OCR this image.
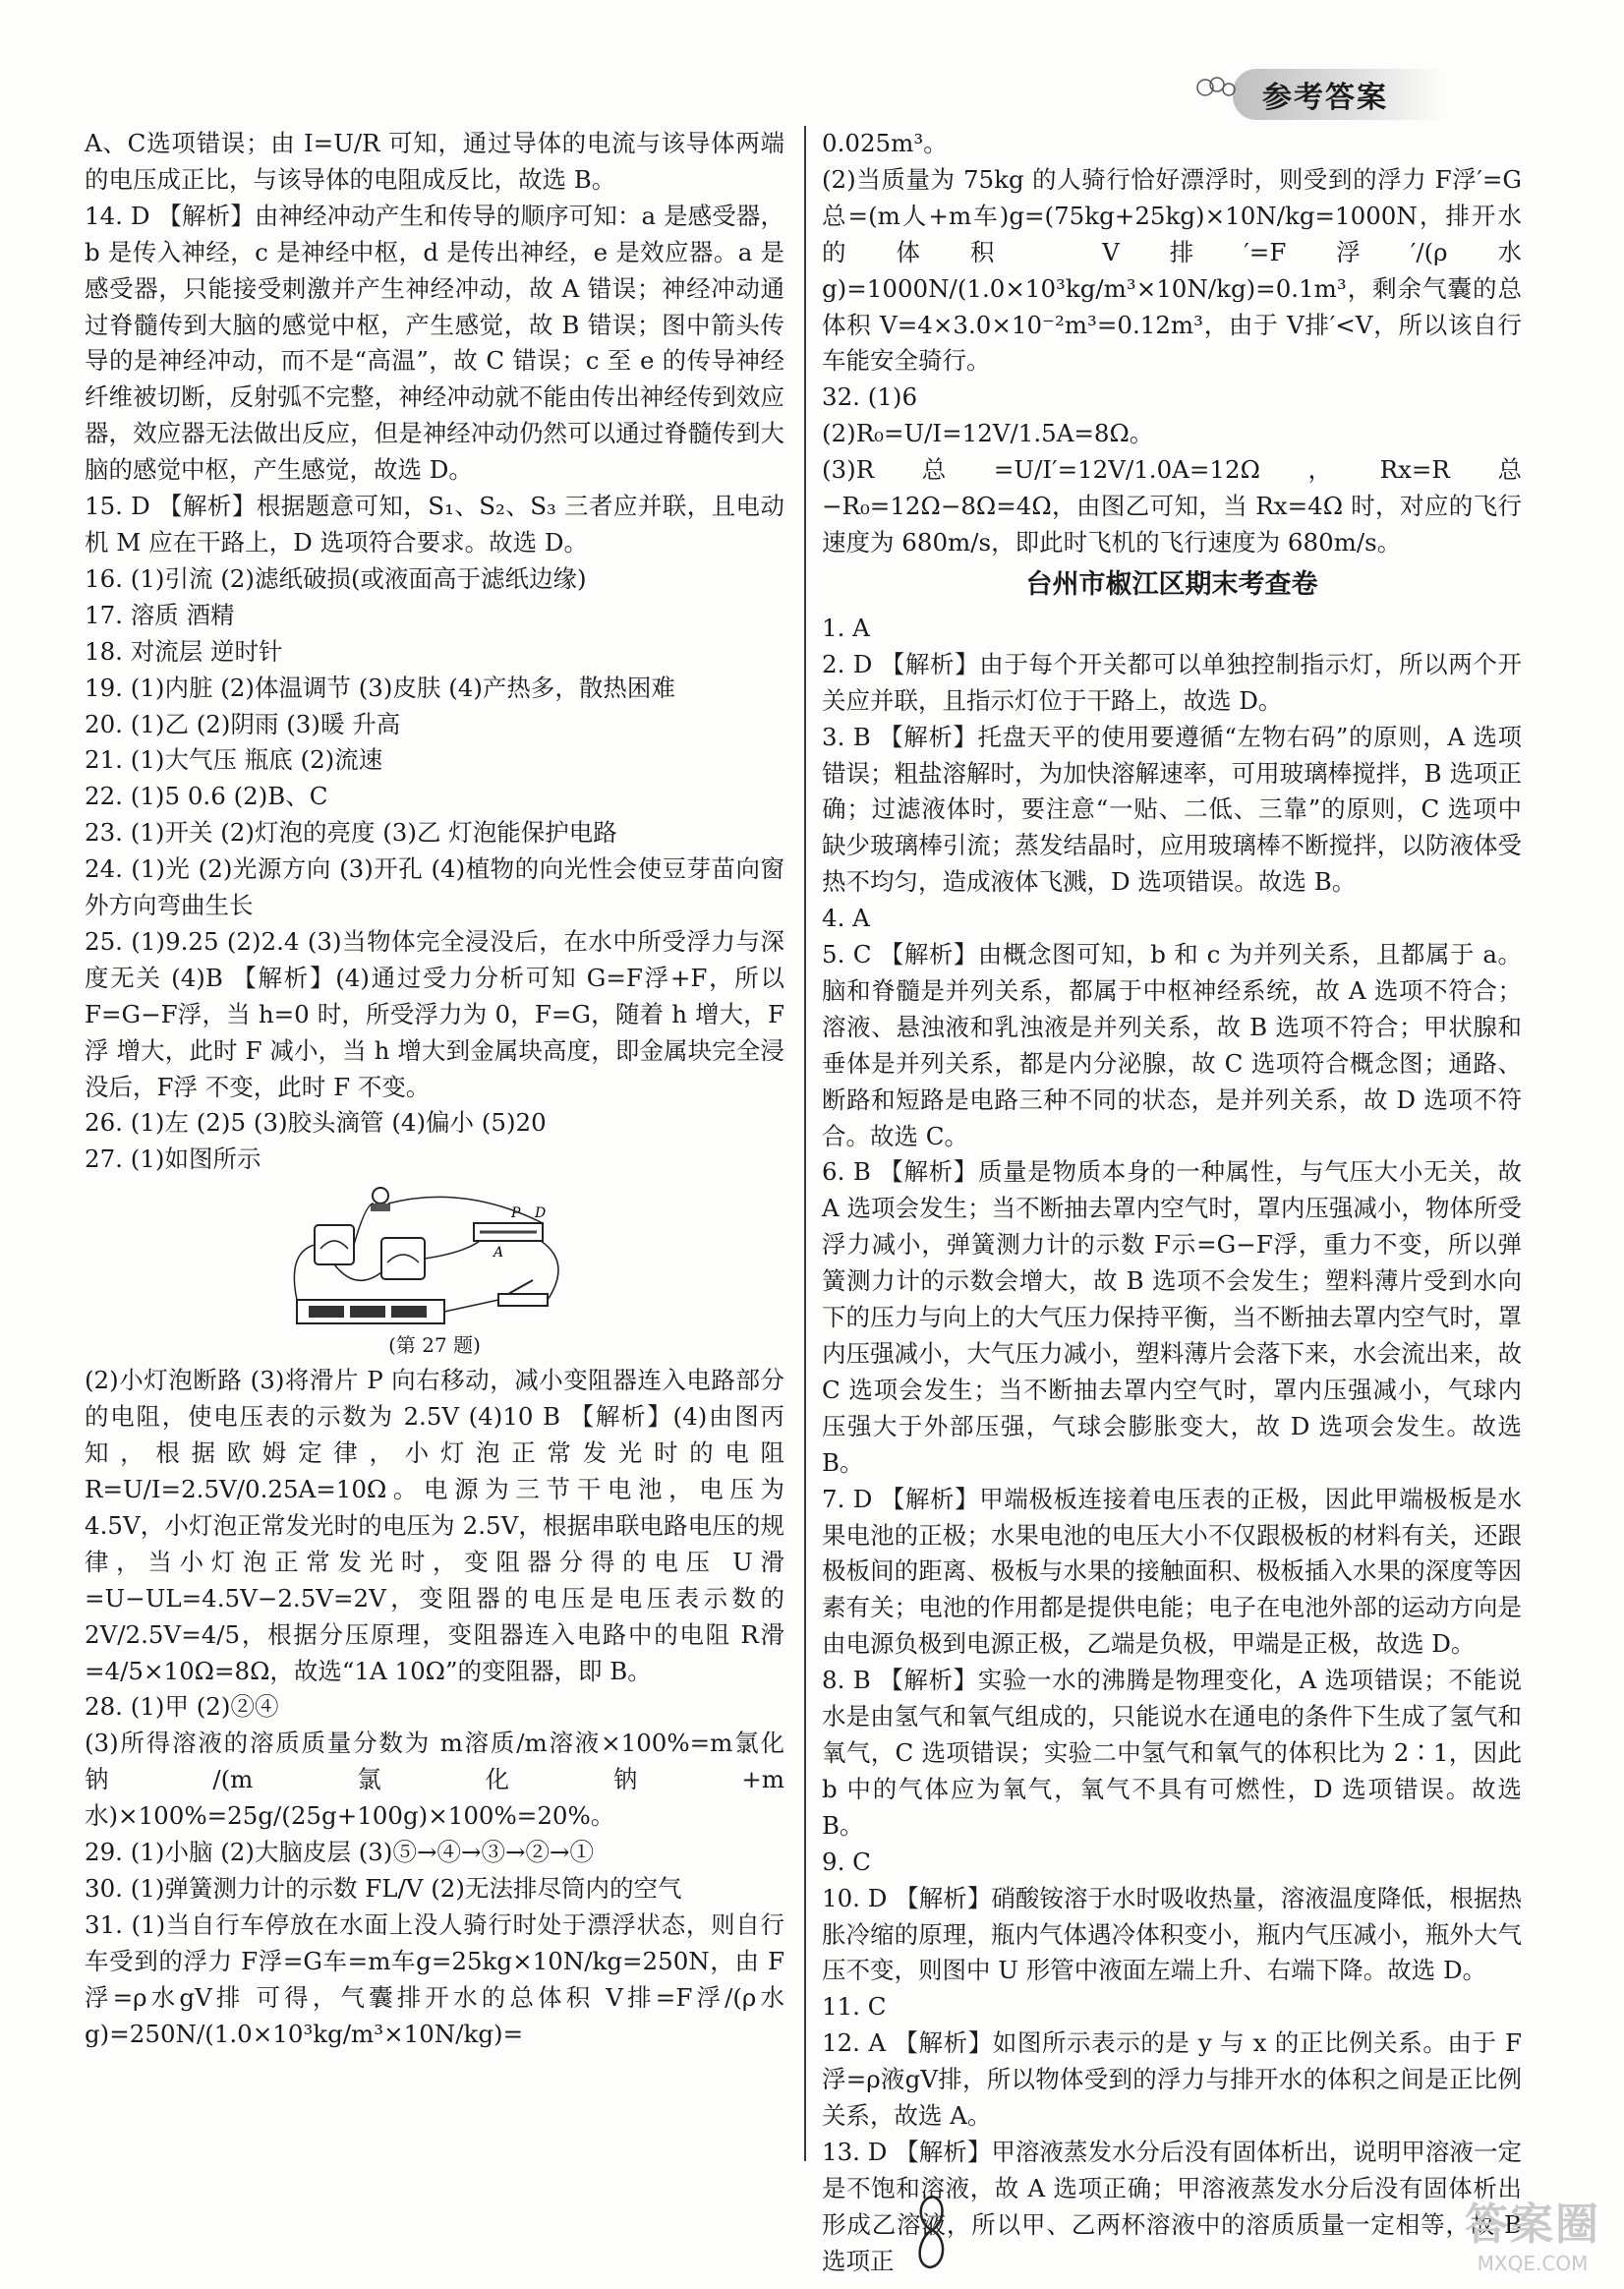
参考答案

A、C选项错误；由 I=U/R 可知，通过导体的电流与该导体两端的电压成正比，与该导体的电阻成反比，故选 B。

14. D 【解析】由神经冲动产生和传导的顺序可知：a 是感受器，b 是传入神经，c 是神经中枢，d 是传出神经，e 是效应器。a 是感受器，只能接受刺激并产生神经冲动，故 A 错误；神经冲动通过脊髓传到大脑的感觉中枢，产生感觉，故 B 错误；图中箭头传导的是神经冲动，而不是“高温”，故 C 错误；c 至 e 的传导神经纤维被切断，反射弧不完整，神经冲动就不能由传出神经传到效应器，效应器无法做出反应，但是神经冲动仍然可以通过脊髓传到大脑的感觉中枢，产生感觉，故选 D。

15. D 【解析】根据题意可知，S₁、S₂、S₃ 三者应并联，且电动机 M 应在干路上，D 选项符合要求。故选 D。

16. (1)引流 (2)滤纸破损(或液面高于滤纸边缘)

17. 溶质 酒精

18. 对流层 逆时针

19. (1)内脏 (2)体温调节 (3)皮肤 (4)产热多，散热困难

20. (1)乙 (2)阴雨 (3)暖 升高

21. (1)大气压 瓶底 (2)流速

22. (1)5 0.6 (2)B、C

23. (1)开关 (2)灯泡的亮度 (3)乙 灯泡能保护电路

24. (1)光 (2)光源方向 (3)开孔 (4)植物的向光性会使豆芽苗向窗外方向弯曲生长

25. (1)9.25 (2)2.4 (3)当物体完全浸没后，在水中所受浮力与深度无关 (4)B 【解析】(4)通过受力分析可知 G=F浮+F，所以 F=G−F浮，当 h=0 时，所受浮力为 0，F=G，随着 h 增大，F浮 增大，此时 F 减小，当 h 增大到金属块高度，即金属块完全浸没后，F浮 不变，此时 F 不变。

26. (1)左 (2)5 (3)胶头滴管 (4)偏小 (5)20

27. (1)如图所示

P D
A
(第 27 题)

(2)小灯泡断路 (3)将滑片 P 向右移动，减小变阻器连入电路部分的电阻，使电压表的示数为 2.5V (4)10 B 【解析】(4)由图丙知，根据欧姆定律，小灯泡正常发光时的电阻 R=U/I=2.5V/0.25A=10Ω。电源为三节干电池，电压为 4.5V，小灯泡正常发光时的电压为 2.5V，根据串联电路电压的规律，当小灯泡正常发光时，变阻器分得的电压 U滑=U−UL=4.5V−2.5V=2V，变阻器的电压是电压表示数的 2V/2.5V=4/5，根据分压原理，变阻器连入电路中的电阻 R滑=4/5×10Ω=8Ω，故选“1A 10Ω”的变阻器，即 B。

28. (1)甲 (2)②④

(3)所得溶液的溶质质量分数为 m溶质/m溶液×100%=m氯化钠/(m氯化钠+m水)×100%=25g/(25g+100g)×100%=20%。

29. (1)小脑 (2)大脑皮层 (3)⑤→④→③→②→①

30. (1)弹簧测力计的示数 FL/V (2)无法排尽筒内的空气

31. (1)当自行车停放在水面上没人骑行时处于漂浮状态，则自行车受到的浮力 F浮=G车=m车g=25kg×10N/kg=250N，由 F浮=ρ水gV排 可得，气囊排开水的总体积 V排=F浮/(ρ水g)=250N/(1.0×10³kg/m³×10N/kg)=

0.025m³。

(2)当质量为 75kg 的人骑行恰好漂浮时，则受到的浮力 F浮′=G总=(m人+m车)g=(75kg+25kg)×10N/kg=1000N，排开水的体积 V排′=F浮′/(ρ水g)=1000N/(1.0×10³kg/m³×10N/kg)=0.1m³，剩余气囊的总体积 V=4×3.0×10⁻²m³=0.12m³，由于 V排′<V，所以该自行车能安全骑行。

32. (1)6

(2)R₀=U/I=12V/1.5A=8Ω。

(3)R总=U/I′=12V/1.0A=12Ω，Rx=R总−R₀=12Ω−8Ω=4Ω，由图乙可知，当 Rx=4Ω 时，对应的飞行速度为 680m/s，即此时飞机的飞行速度为 680m/s。

台州市椒江区期末考查卷

1. A

2. D 【解析】由于每个开关都可以单独控制指示灯，所以两个开关应并联，且指示灯位于干路上，故选 D。

3. B 【解析】托盘天平的使用要遵循“左物右码”的原则，A 选项错误；粗盐溶解时，为加快溶解速率，可用玻璃棒搅拌，B 选项正确；过滤液体时，要注意“一贴、二低、三靠”的原则，C 选项中缺少玻璃棒引流；蒸发结晶时，应用玻璃棒不断搅拌，以防液体受热不均匀，造成液体飞溅，D 选项错误。故选 B。

4. A

5. C 【解析】由概念图可知，b 和 c 为并列关系，且都属于 a。脑和脊髓是并列关系，都属于中枢神经系统，故 A 选项不符合；溶液、悬浊液和乳浊液是并列关系，故 B 选项不符合；甲状腺和垂体是并列关系，都是内分泌腺，故 C 选项符合概念图；通路、断路和短路是电路三种不同的状态，是并列关系，故 D 选项不符合。故选 C。

6. B 【解析】质量是物质本身的一种属性，与气压大小无关，故 A 选项会发生；当不断抽去罩内空气时，罩内压强减小，物体所受浮力减小，弹簧测力计的示数 F示=G−F浮，重力不变，所以弹簧测力计的示数会增大，故 B 选项不会发生；塑料薄片受到水向下的压力与向上的大气压力保持平衡，当不断抽去罩内空气时，罩内压强减小，大气压力减小，塑料薄片会落下来，水会流出来，故 C 选项会发生；当不断抽去罩内空气时，罩内压强减小，气球内压强大于外部压强，气球会膨胀变大，故 D 选项会发生。故选 B。

7. D 【解析】甲端极板连接着电压表的正极，因此甲端极板是水果电池的正极；水果电池的电压大小不仅跟极板的材料有关，还跟极板间的距离、极板与水果的接触面积、极板插入水果的深度等因素有关；电池的作用都是提供电能；电子在电池外部的运动方向是由电源负极到电源正极，乙端是负极，甲端是正极，故选 D。

8. B 【解析】实验一水的沸腾是物理变化，A 选项错误；不能说水是由氢气和氧气组成的，只能说水在通电的条件下生成了氢气和氧气，C 选项错误；实验二中氢气和氧气的体积比为 2∶1，因此 b 中的气体应为氧气，氧气不具有可燃性，D 选项错误。故选 B。

9. C

10. D 【解析】硝酸铵溶于水时吸收热量，溶液温度降低，根据热胀冷缩的原理，瓶内气体遇冷体积变小，瓶内气压减小，瓶外大气压不变，则图中 U 形管中液面左端上升、右端下降。故选 D。

11. C

12. A 【解析】如图所示表示的是 y 与 x 的正比例关系。由于 F浮=ρ液gV排，所以物体受到的浮力与排开水的体积之间是正比例关系，故选 A。

13. D 【解析】甲溶液蒸发水分后没有固体析出，说明甲溶液一定是不饱和溶液，故 A 选项正确；甲溶液蒸发水分后没有固体析出形成乙溶液，所以甲、乙两杯溶液中的溶质质量一定相等，故 B 选项正

答案圈
MXQE.COM
